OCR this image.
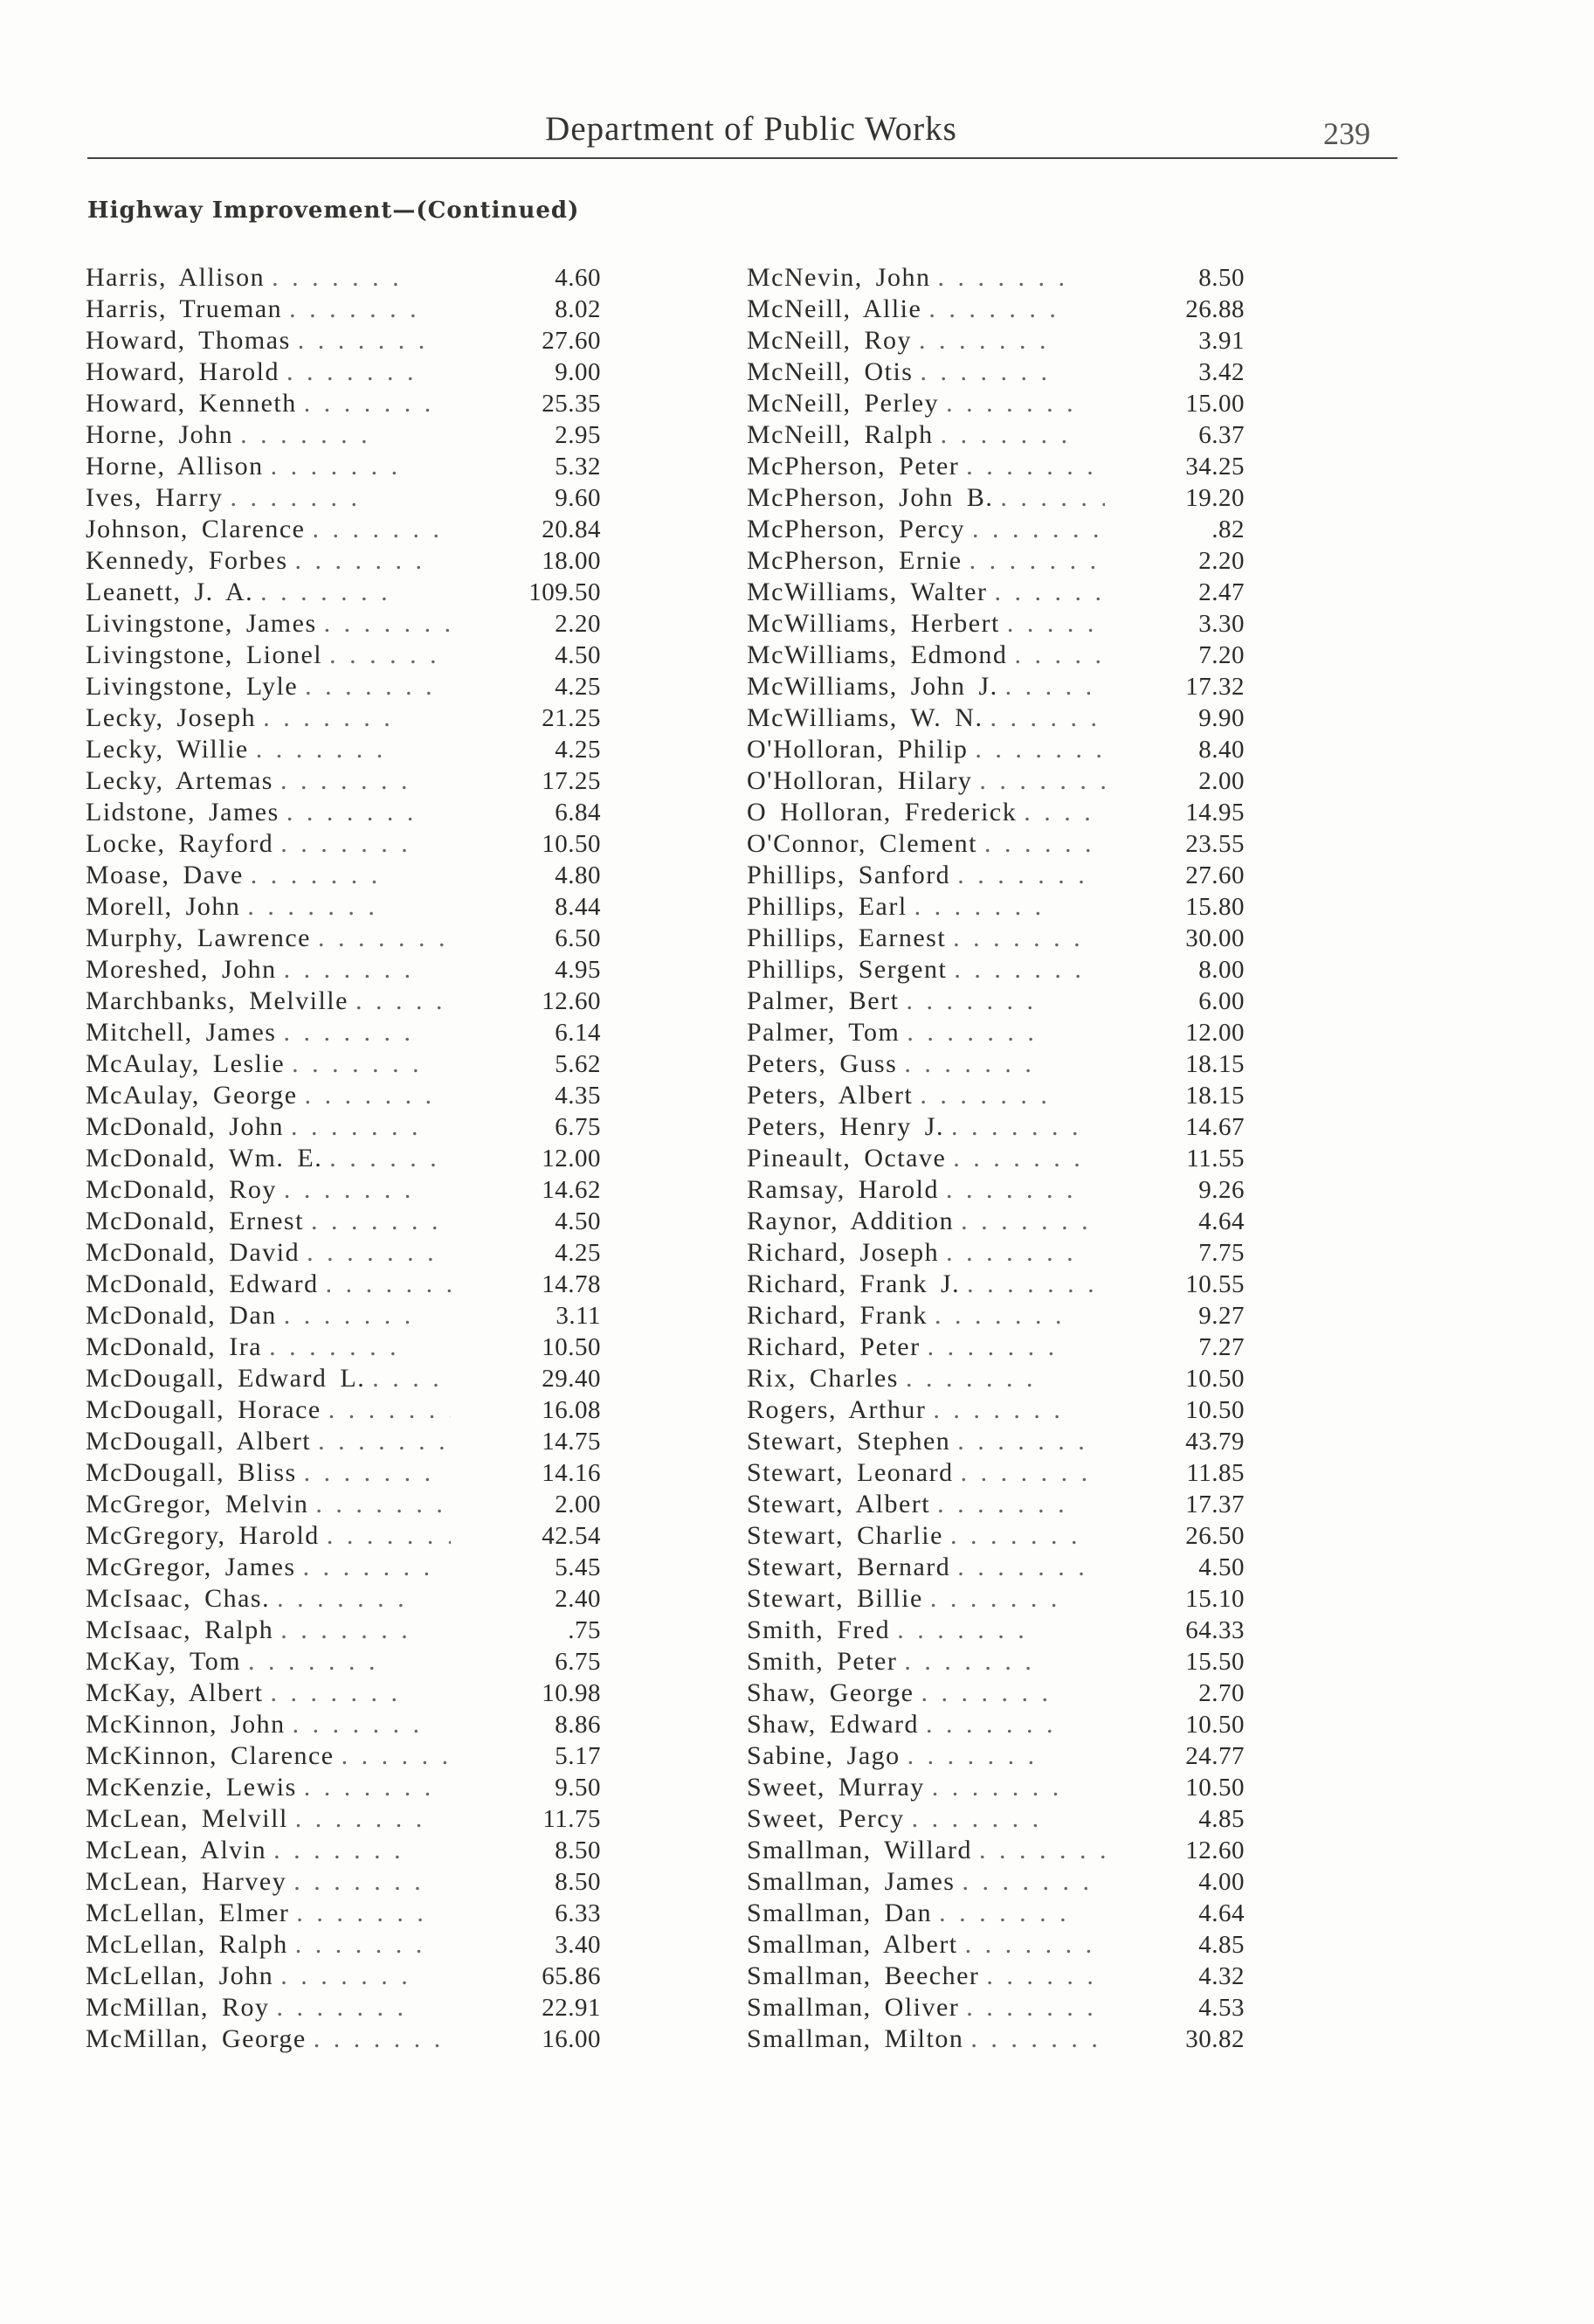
Department of Public Works	239
Highway Improvement—(Continued)
Harris, Allison . . .	4.60
Harris, Trueman . . .	8.02
Howard, Thomas . . .	27.60
Howard, Harold . . .	9.00
Howard, Kenneth . . .	25.35
Horne, John . . .	2.95
Horne, Allison . . .	5.32
Ives, Harry . . .	9.60
Johnson, Clarence . . .	20.84
Kennedy, Forbes . . .	18.00
Leanett, J. A. . . .	109.50
Livingstone, James . . .	2.20
Livingstone, Lionel . . .	4.50
Livingstone, Lyle . . .	4.25
Lecky, Joseph . . .	21.25
Lecky, Willie . . .	4.25
Lecky, Artemas . . .	17.25
Lidstone, James . . .	6.84
Locke, Rayford . . .	10.50
Moase, Dave . . .	4.80
Morell, John . . .	8.44
Murphy, Lawrence . . .	6.50
Moreshed, John . . .	4.95
Marchbanks, Melville . . .	12.60
Mitchell, James . . .	6.14
McAulay, Leslie . . .	5.62
McAulay, George . . .	4.35
McDonald, John . . .	6.75
McDonald, Wm. E. . . .	12.00
McDonald, Roy . . .	14.62
McDonald, Ernest . . .	4.50
McDonald, David . . .	4.25
McDonald, Edward . . .	14.78
McDonald, Dan . . .	3.11
McDonald, Ira . . .	10.50
McDougall, Edward L. . . .	29.40
McDougall, Horace . . .	16.08
McDougall, Albert . . .	14.75
McDougall, Bliss . . .	14.16
McGregor, Melvin . . .	2.00
McGregory, Harold . . .	42.54
McGregor, James . . .	5.45
McIsaac, Chas. . . .	2.40
McIsaac, Ralph . . .	.75
McKay, Tom . . .	6.75
McKay, Albert . . .	10.98
McKinnon, John . . .	8.86
McKinnon, Clarence . . .	5.17
McKenzie, Lewis . . .	9.50
McLean, Melvill . . .	11.75
McLean, Alvin . . .	8.50
McLean, Harvey . . .	8.50
McLellan, Elmer . . .	6.33
McLellan, Ralph . . .	3.40
McLellan, John . . .	65.86
McMillan, Roy . . .	22.91
McMillan, George . . .	16.00
McNevin, John . . .	8.50
McNeill, Allie . . .	26.88
McNeill, Roy . . .	3.91
McNeill, Otis . . .	3.42
McNeill, Perley . . .	15.00
McNeill, Ralph . . .	6.37
McPherson, Peter . . .	34.25
McPherson, John B. . . .	19.20
McPherson, Percy . . .	.82
McPherson, Ernie . . .	2.20
McWilliams, Walter . . .	2.47
McWilliams, Herbert . . .	3.30
McWilliams, Edmond . . .	7.20
McWilliams, John J. . . .	17.32
McWilliams, W. N. . . .	9.90
O'Holloran, Philip . . .	8.40
O'Holloran, Hilary . . .	2.00
O Holloran, Frederick . . .	14.95
O'Connor, Clement . . .	23.55
Phillips, Sanford . . .	27.60
Phillips, Earl . . .	15.80
Phillips, Earnest . . .	30.00
Phillips, Sergent . . .	8.00
Palmer, Bert . . .	6.00
Palmer, Tom . . .	12.00
Peters, Guss . . .	18.15
Peters, Albert . . .	18.15
Peters, Henry J. . . .	14.67
Pineault, Octave . . .	11.55
Ramsay, Harold . . .	9.26
Raynor, Addition . . .	4.64
Richard, Joseph . . .	7.75
Richard, Frank J. . . .	10.55
Richard, Frank . . .	9.27
Richard, Peter . . .	7.27
Rix, Charles . . .	10.50
Rogers, Arthur . . .	10.50
Stewart, Stephen . . .	43.79
Stewart, Leonard . . .	11.85
Stewart, Albert . . .	17.37
Stewart, Charlie . . .	26.50
Stewart, Bernard . . .	4.50
Stewart, Billie . . .	15.10
Smith, Fred . . .	64.33
Smith, Peter . . .	15.50
Shaw, George . . .	2.70
Shaw, Edward . . .	10.50
Sabine, Jago . . .	24.77
Sweet, Murray . . .	10.50
Sweet, Percy . . .	4.85
Smallman, Willard . . .	12.60
Smallman, James . . .	4.00
Smallman, Dan . . .	4.64
Smallman, Albert . . .	4.85
Smallman, Beecher . . .	4.32
Smallman, Oliver . . .	4.53
Smallman, Milton . . .	30.82
